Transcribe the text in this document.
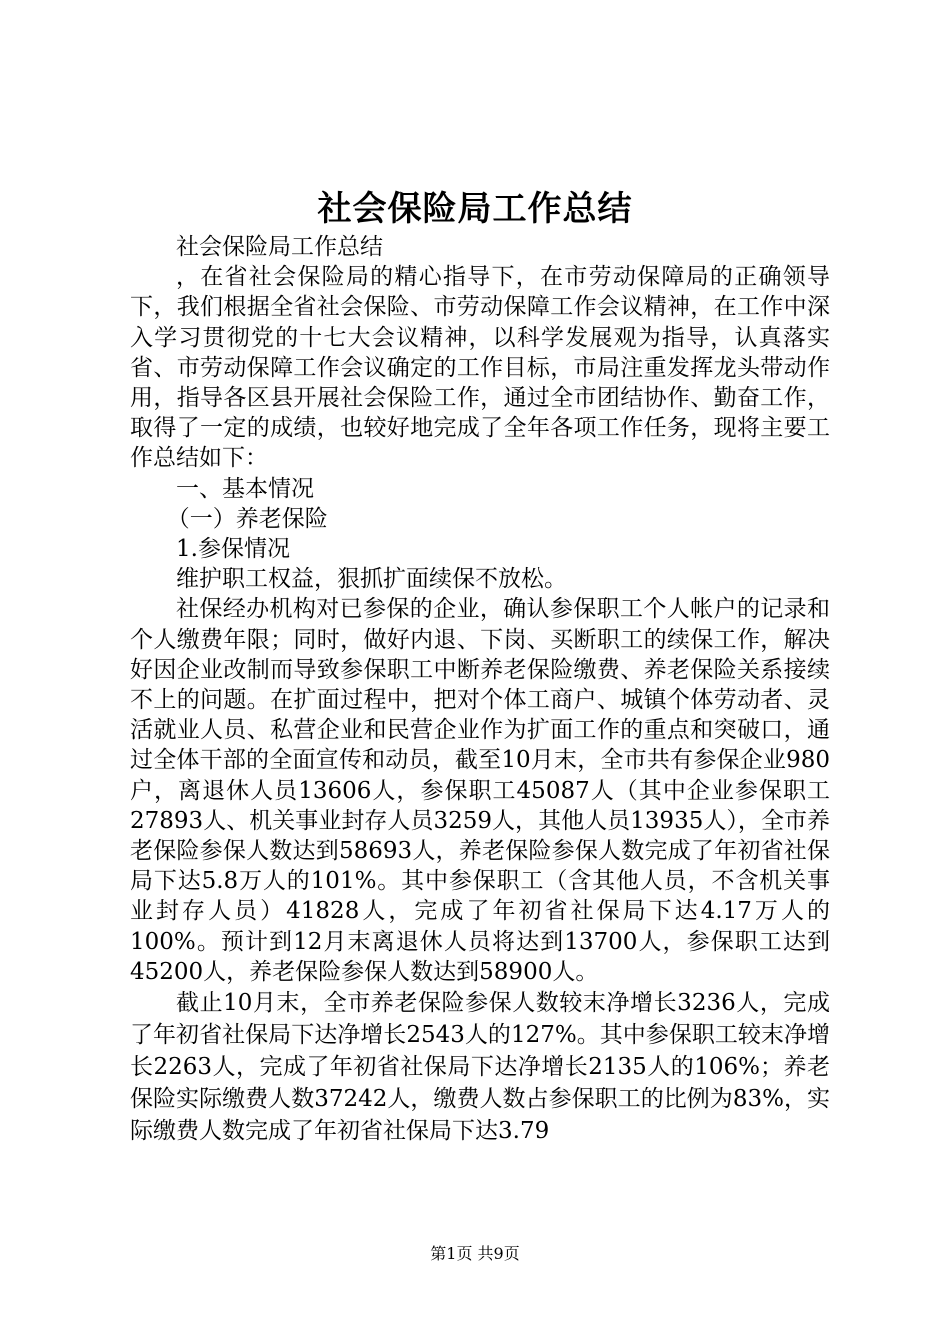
社会保险局工作总结

社会保险局工作总结

，在省社会保险局的精心指导下，在市劳动保障局的正确领导下，我们根据全省社会保险、市劳动保障工作会议精神，在工作中深入学习贯彻党的十七大会议精神，以科学发展观为指导，认真落实省、市劳动保障工作会议确定的工作目标，市局注重发挥龙头带动作用，指导各区县开展社会保险工作，通过全市团结协作、勤奋工作，取得了一定的成绩，也较好地完成了全年各项工作任务，现将主要工作总结如下：

一、基本情况

（一）养老保险

1.参保情况

维护职工权益，狠抓扩面续保不放松。

社保经办机构对已参保的企业，确认参保职工个人帐户的记录和个人缴费年限；同时，做好内退、下岗、买断职工的续保工作，解决好因企业改制而导致参保职工中断养老保险缴费、养老保险关系接续不上的问题。在扩面过程中，把对个体工商户、城镇个体劳动者、灵活就业人员、私营企业和民营企业作为扩面工作的重点和突破口，通过全体干部的全面宣传和动员，截至10月末，全市共有参保企业980户，离退休人员13606人，参保职工45087人（其中企业参保职工27893人、机关事业封存人员3259人，其他人员13935人），全市养老保险参保人数达到58693人，养老保险参保人数完成了年初省社保局下达5.8万人的101%。其中参保职工（含其他人员，不含机关事业封存人员）41828人，完成了年初省社保局下达4.17万人的100%。预计到12月末离退休人员将达到13700人，参保职工达到45200人，养老保险参保人数达到58900人。

截止10月末，全市养老保险参保人数较末净增长3236人，完成了年初省社保局下达净增长2543人的127%。其中参保职工较末净增长2263人，完成了年初省社保局下达净增长2135人的106%；养老保险实际缴费人数37242人，缴费人数占参保职工的比例为83%，实际缴费人数完成了年初省社保局下达3.79

第1页 共9页
